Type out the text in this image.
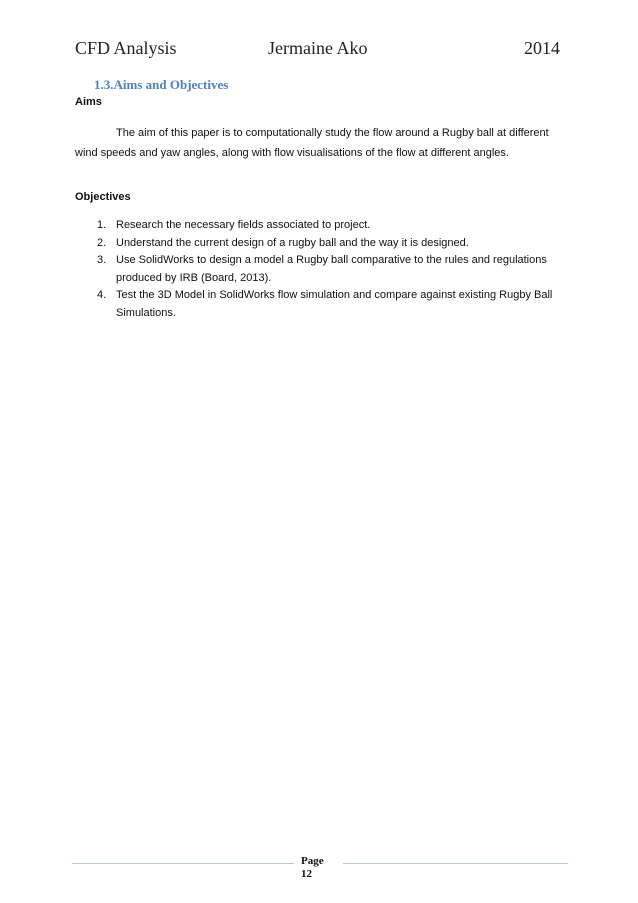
CFD Analysis	Jermaine Ako	2014
1.3.Aims and Objectives
Aims

The aim of this paper is to computationally study the flow around a Rugby ball at different wind speeds and yaw angles, along with flow visualisations of the flow at different angles.

Objectives
1. Research the necessary fields associated to project.
2. Understand the current design of a rugby ball and the way it is designed.
3. Use SolidWorks to design a model a Rugby ball comparative to the rules and regulations produced by IRB (Board, 2013).
4. Test the 3D Model in SolidWorks flow simulation and compare against existing Rugby Ball Simulations.
Page
12
